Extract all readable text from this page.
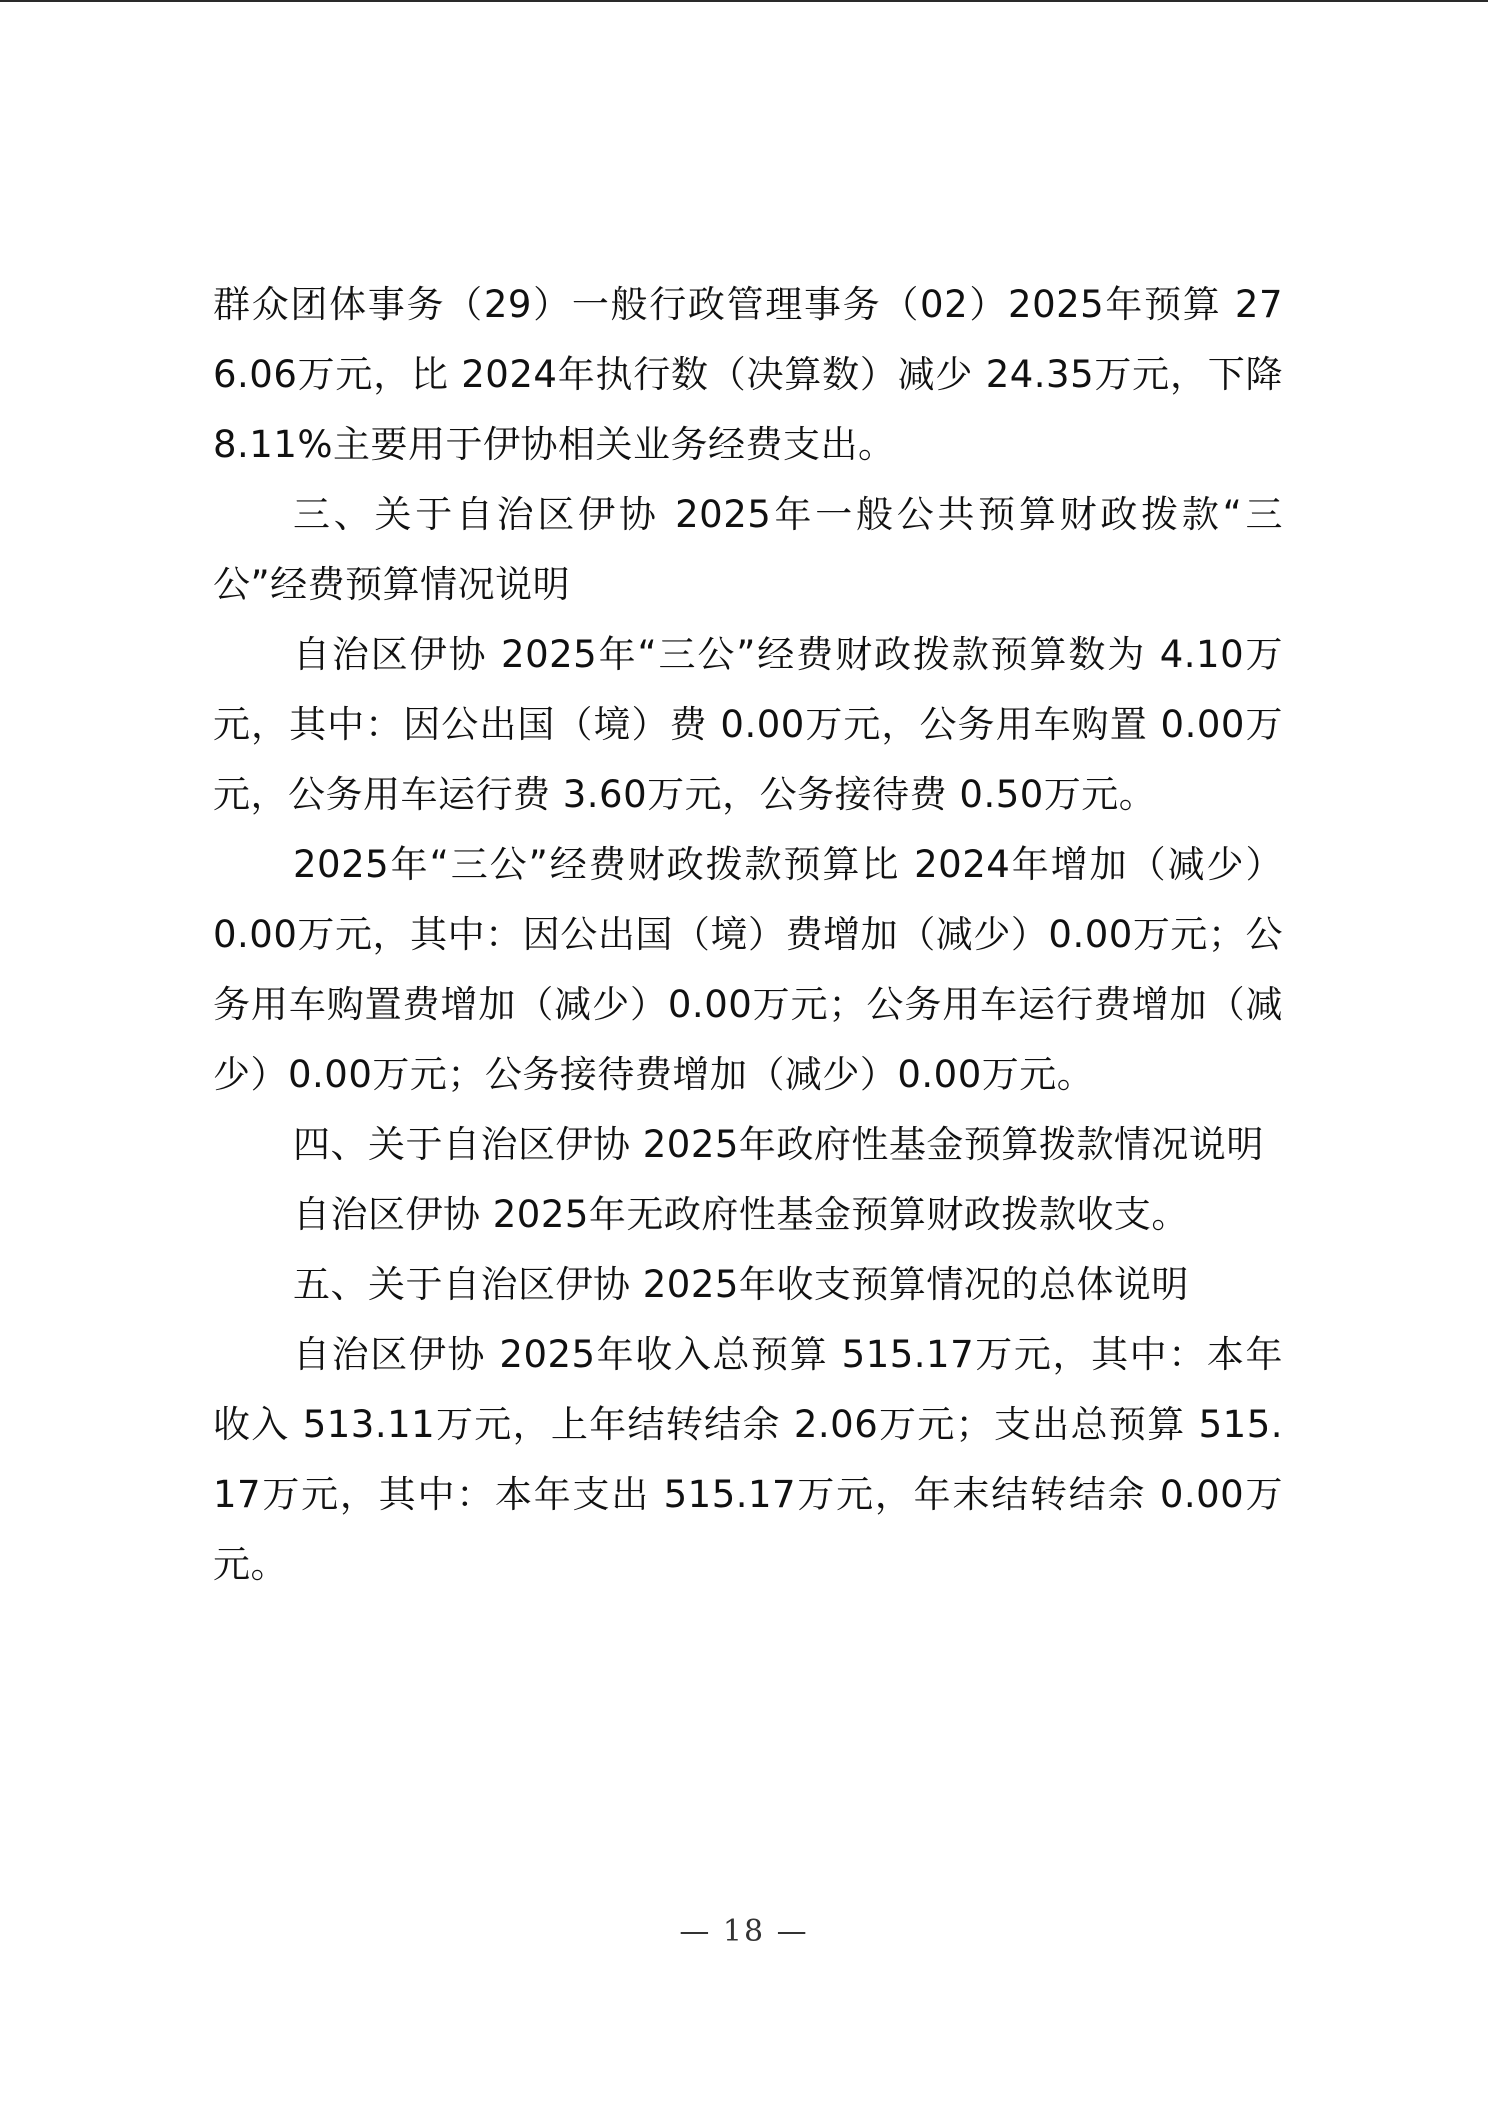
群众团体事务（29）一般行政管理事务（02）2025年预算 276.06万元，比 2024年执行数（决算数）减少 24.35万元，下降 8.11%主要用于伊协相关业务经费支出。

三、关于自治区伊协 2025年一般公共预算财政拨款“三公”经费预算情况说明

自治区伊协 2025年“三公”经费财政拨款预算数为 4.10万元，其中：因公出国（境）费 0.00万元，公务用车购置 0.00万元，公务用车运行费 3.60万元，公务接待费 0.50万元。

2025年“三公”经费财政拨款预算比 2024年增加（减少）0.00万元，其中：因公出国（境）费增加（减少）0.00万元；公务用车购置费增加（减少）0.00万元；公务用车运行费增加（减少）0.00万元；公务接待费增加（减少）0.00万元。

四、关于自治区伊协 2025年政府性基金预算拨款情况说明

自治区伊协 2025年无政府性基金预算财政拨款收支。

五、关于自治区伊协 2025年收支预算情况的总体说明

自治区伊协 2025年收入总预算 515.17万元，其中：本年收入 513.11万元，上年结转结余 2.06万元；支出总预算 515.17万元，其中：本年支出 515.17万元，年末结转结余 0.00万元。

— 18 —
